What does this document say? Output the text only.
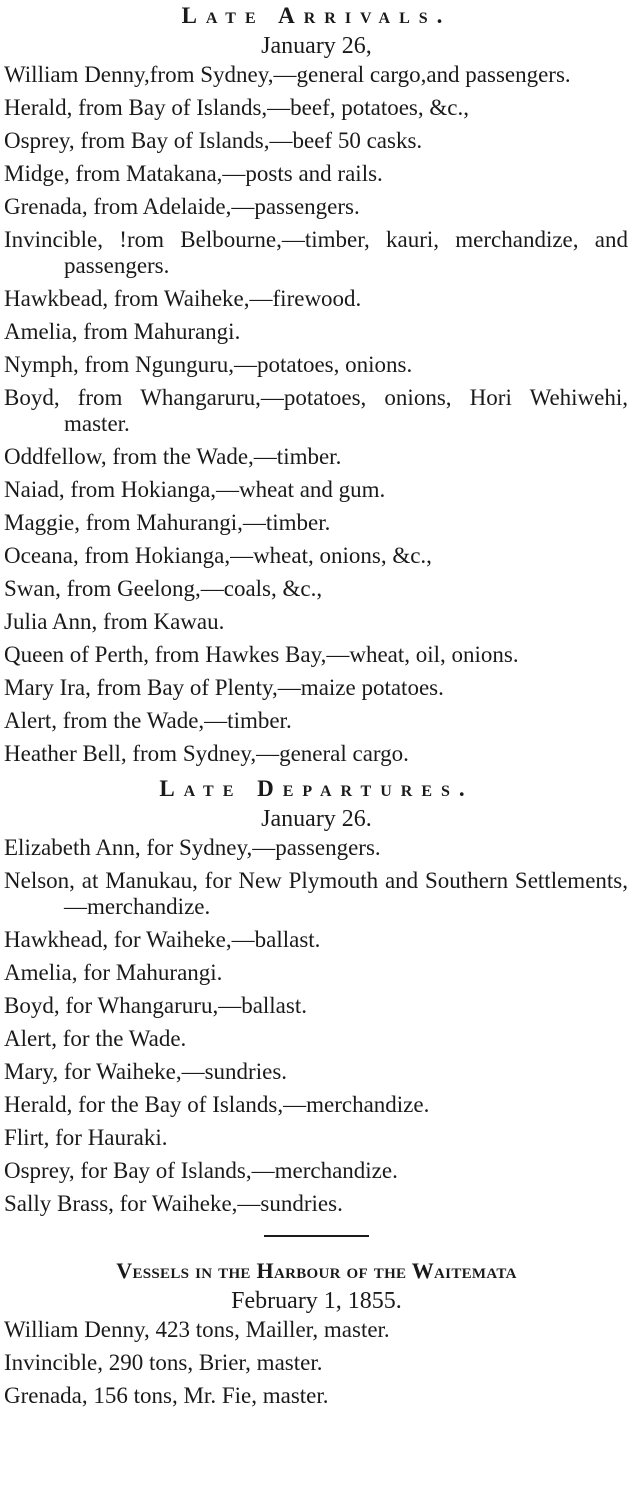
Late Arrivals.

January 26,

William Denny,from Sydney,—general cargo,and passengers.

Herald, from Bay of Islands,—beef, potatoes, &c.,

Osprey, from Bay of Islands,—beef 50 casks.

Midge, from Matakana,—posts and rails.

Grenada, from Adelaide,—passengers.

Invincible, !rom Belbourne,—timber, kauri, merchandize, and passengers.

Hawkbead, from Waiheke,—firewood.

Amelia, from Mahurangi.

Nymph, from Ngunguru,—potatoes, onions.

Boyd, from Whangaruru,—potatoes, onions, Hori Wehiwehi, master.

Oddfellow, from the Wade,—timber.

Naiad, from Hokianga,—wheat and gum.

Maggie, from Mahurangi,—timber.

Oceana, from Hokianga,—wheat, onions, &c.,

Swan, from Geelong,—coals, &c.,

Julia Ann, from Kawau.

Queen of Perth, from Hawkes Bay,—wheat, oil, onions.

Mary Ira, from Bay of Plenty,—maize potatoes.

Alert, from the Wade,—timber.

Heather Bell, from Sydney,—general cargo.

Late Departures.

January 26.

Elizabeth Ann, for Sydney,—passengers.

Nelson, at Manukau, for New Plymouth and Southern Settlements,—merchandize.

Hawkhead, for Waiheke,—ballast.

Amelia, for Mahurangi.

Boyd, for Whangaruru,—ballast.

Alert, for the Wade.

Mary, for Waiheke,—sundries.

Herald, for the Bay of Islands,—merchandize.

Flirt, for Hauraki.

Osprey, for Bay of Islands,—merchandize.

Sally Brass, for Waiheke,—sundries.

Vessels in the Harbour of the Waitemata

February 1, 1855.

William Denny, 423 tons, Mailler, master.

Invincible, 290 tons, Brier, master.

Grenada, 156 tons, Mr. Fie, master.
